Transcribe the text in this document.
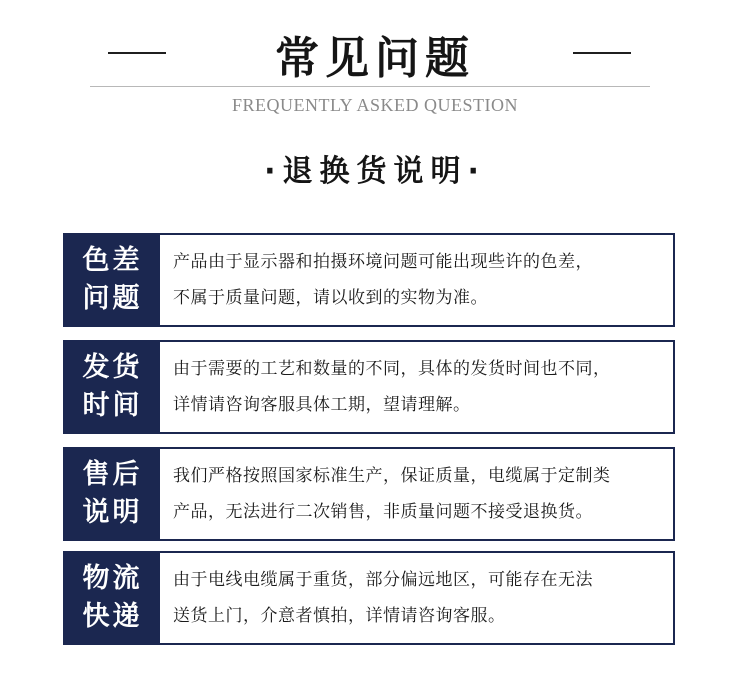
常见问题
FREQUENTLY ASKED QUESTION
·退换货说明·
色差
问题
产品由于显示器和拍摄环境问题可能出现些许的色差，
不属于质量问题，请以收到的实物为准。
发货
时间
由于需要的工艺和数量的不同，具体的发货时间也不同，
详情请咨询客服具体工期，望请理解。
售后
说明
我们严格按照国家标准生产，保证质量，电缆属于定制类
产品，无法进行二次销售，非质量问题不接受退换货。
物流
快递
由于电线电缆属于重货，部分偏远地区，可能存在无法
送货上门，介意者慎拍，详情请咨询客服。
